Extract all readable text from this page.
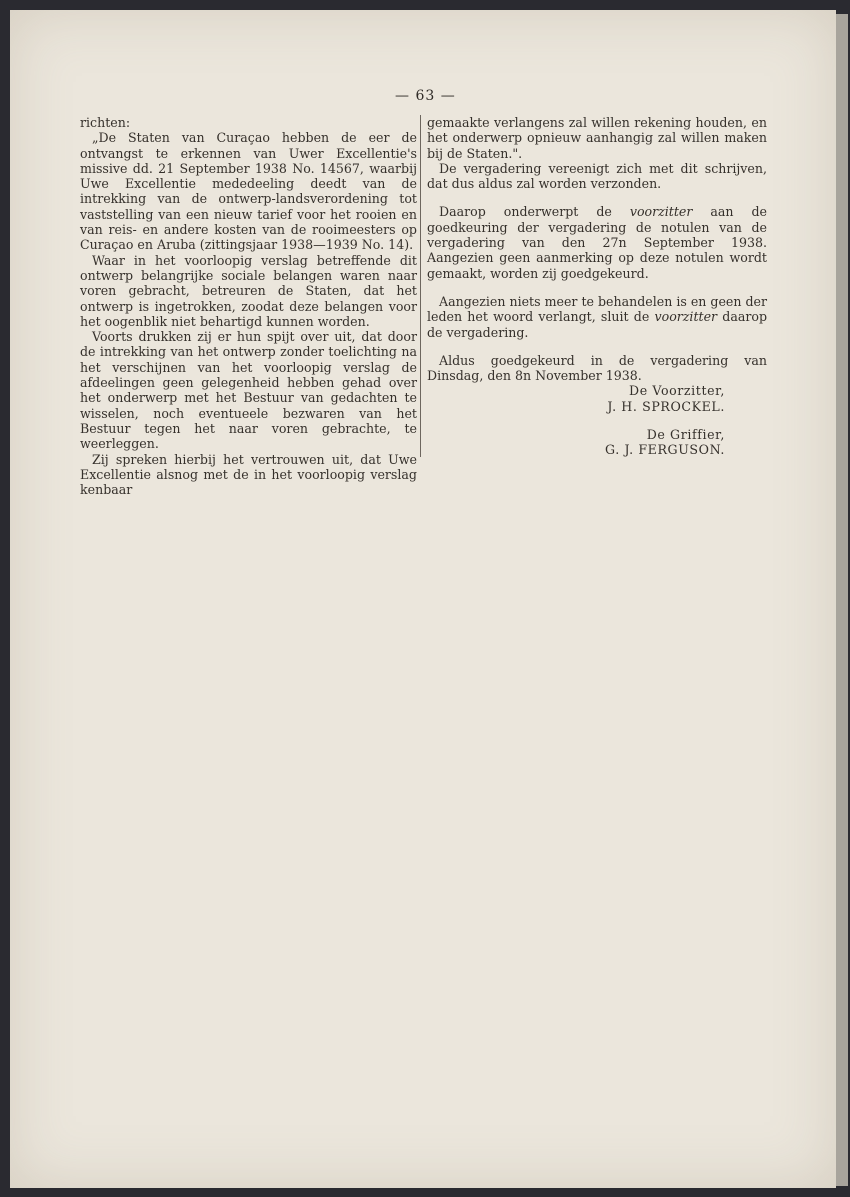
— 63 —

richten:

„De Staten van Curaçao hebben de eer de ontvangst te erkennen van Uwer Excellentie's missive dd. 21 September 1938 No. 14567, waarbij Uwe Excellentie mededeeling deedt van de intrekking van de ontwerp-landsverordening tot vaststelling van een nieuw tarief voor het rooien en van reis- en andere kosten van de rooimeesters op Curaçao en Aruba (zittingsjaar 1938—1939 No. 14).

Waar in het voorloopig verslag betreffende dit ontwerp belangrijke sociale belangen waren naar voren gebracht, betreuren de Staten, dat het ontwerp is ingetrokken, zoodat deze belangen voor het oogenblik niet behartigd kunnen worden.

Voorts drukken zij er hun spijt over uit, dat door de intrekking van het ontwerp zonder toelichting na het verschijnen van het voorloopig verslag de afdeelingen geen gelegenheid hebben gehad over het onderwerp met het Bestuur van gedachten te wisselen, noch eventueele bezwaren van het Bestuur tegen het naar voren gebrachte, te weerleggen.

Zij spreken hierbij het vertrouwen uit, dat Uwe Excellentie alsnog met de in het voorloopig verslag kenbaar

gemaakte verlangens zal willen rekening houden, en het onderwerp opnieuw aanhangig zal willen maken bij de Staten.".

De vergadering vereenigt zich met dit schrijven, dat dus aldus zal worden verzonden.

Daarop onderwerpt de voorzitter aan de goedkeuring der vergadering de notulen van de vergadering van den 27n September 1938. Aangezien geen aanmerking op deze notulen wordt gemaakt, worden zij goedgekeurd.

Aangezien niets meer te behandelen is en geen der leden het woord verlangt, sluit de voorzitter daarop de vergadering.

Aldus goedgekeurd in de vergadering van Dinsdag, den 8n November 1938.

De Voorzitter,

J. H. SPROCKEL.

De Griffier,

G. J. FERGUSON.
